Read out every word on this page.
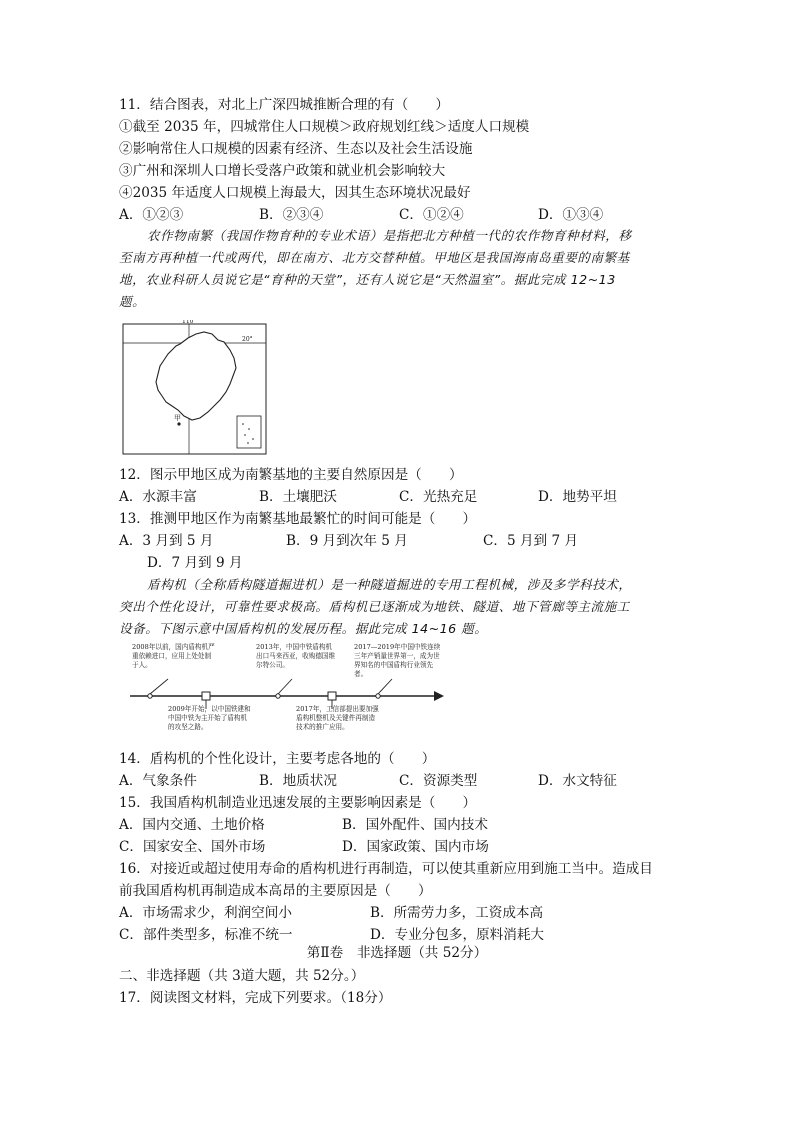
11．结合图表，对北上广深四城推断合理的有（　　）
①截至 2035 年，四城常住人口规模＞政府规划红线＞适度人口规模
②影响常住人口规模的因素有经济、生态以及社会生活设施
③广州和深圳人口增长受落户政策和就业机会影响较大
④2035 年适度人口规模上海最大，因其生态环境状况最好
A．①②③	B．②③④	C．①②④	D．①③④
农作物南繁（我国作物育种的专业术语）是指把北方种植一代的农作物育种材料，移
至南方再种植一代或两代，即在南方、北方交替种植。甲地区是我国海南岛重要的南繁基
地，农业科研人员说它是“育种的天堂”，还有人说它是“天然温室”。据此完成 12~13
题。
110°
20°
甲
12．图示甲地区成为南繁基地的主要自然原因是（　　）
A．水源丰富	B．土壤肥沃	C．光热充足	D．地势平坦
13．推测甲地区作为南繁基地最繁忙的时间可能是（　　）
A．3 月到 5 月	B．9 月到次年 5 月	C．5 月到 7 月
D．7 月到 9 月
盾构机（全称盾构隧道掘进机）是一种隧道掘进的专用工程机械，涉及多学科技术，
突出个性化设计，可靠性要求极高。盾构机已逐渐成为地铁、隧道、地下管廊等主流施工
设备。下图示意中国盾构机的发展历程。据此完成 14~16 题。
2008年以前，国内盾构机严重依赖进口，应用上处处制于人。
2013年，中国中铁盾构机出口马来西亚，收购德国维尔特公司。
2017—2019年中国中铁连续三年产销量世界第一，成为世界知名的中国盾构行业领先者。
2009年开始，以中国铁建和中国中铁为主开始了盾构机的攻坚之路。
2017年，工信部提出要加强盾构机整机及关键件再制造技术的推广应用。
14．盾构机的个性化设计，主要考虑各地的（　　）
A．气象条件	B．地质状况	C．资源类型	D．水文特征
15．我国盾构机制造业迅速发展的主要影响因素是（　　）
A．国内交通、土地价格	B．国外配件、国内技术
C．国家安全、国外市场	D．国家政策、国内市场
16．对接近或超过使用寿命的盾构机进行再制造，可以使其重新应用到施工当中。造成目
前我国盾构机再制造成本高昂的主要原因是（　　）
A．市场需求少，利润空间小	B．所需劳力多，工资成本高
C．部件类型多，标准不统一	D．专业分包多，原料消耗大
第Ⅱ卷　非选择题（共 52分）
二、非选择题（共 3道大题，共 52分。）
17．阅读图文材料，完成下列要求。（18分）
